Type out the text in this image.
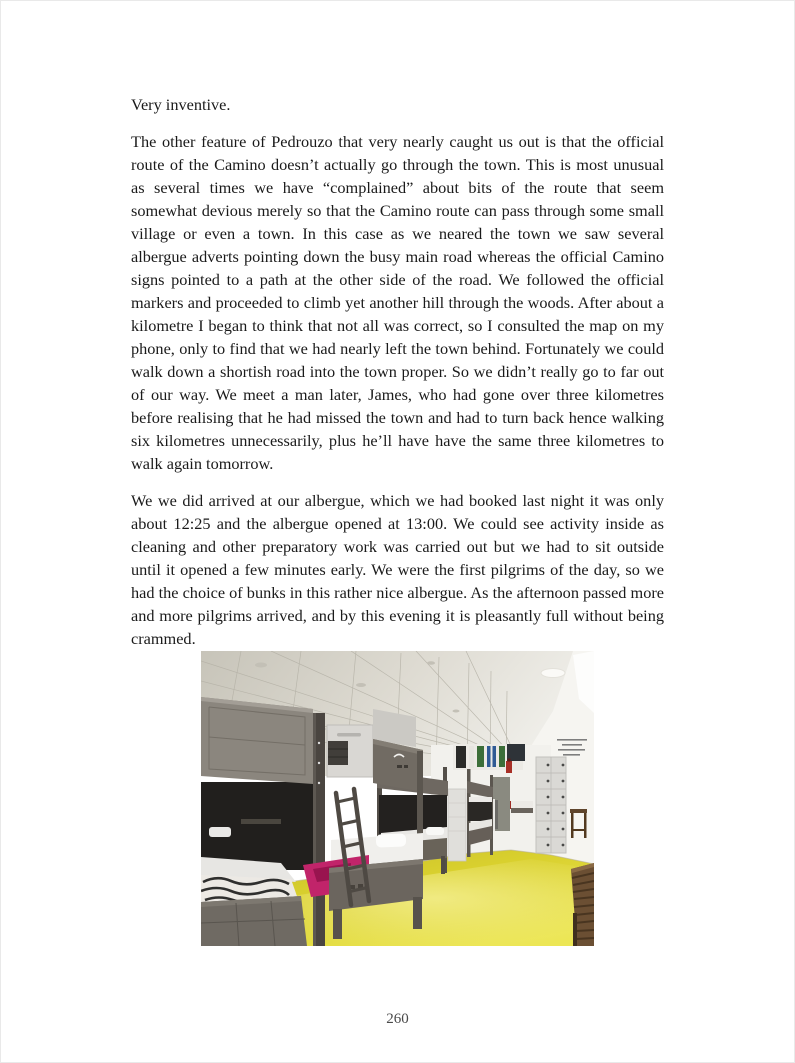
Very inventive.

The other feature of Pedrouzo that very nearly caught us out is that the official route of the Camino doesn’t actually go through the town. This is most unusual as several times we have “complained” about bits of the route that seem somewhat devious merely so that the Camino route can pass through some small village or even a town. In this case as we neared the town we saw several albergue adverts pointing down the busy main road whereas the official Camino signs pointed to a path at the other side of the road. We followed the official markers and proceeded to climb yet another hill through the woods. After about a kilometre I began to think that not all was correct, so I consulted the map on my phone, only to find that we had nearly left the town behind. Fortunately we could walk down a shortish road into the town proper. So we didn’t really go to far out of our way. We meet a man later, James, who had gone over three kilometres before realising that he had missed the town and had to turn back hence walking six kilometres unnecessarily, plus he’ll have have the same three kilometres to walk again tomorrow.

We we did arrived at our albergue, which we had booked last night it was only about 12:25 and the albergue opened at 13:00. We could see activity inside as cleaning and other preparatory work was carried out but we had to sit outside until it opened a few minutes early. We were the first pilgrims of the day, so we had the choice of bunks in this rather nice albergue. As the afternoon passed more and more pilgrims arrived, and by this evening it is pleasantly full without being crammed.

260
